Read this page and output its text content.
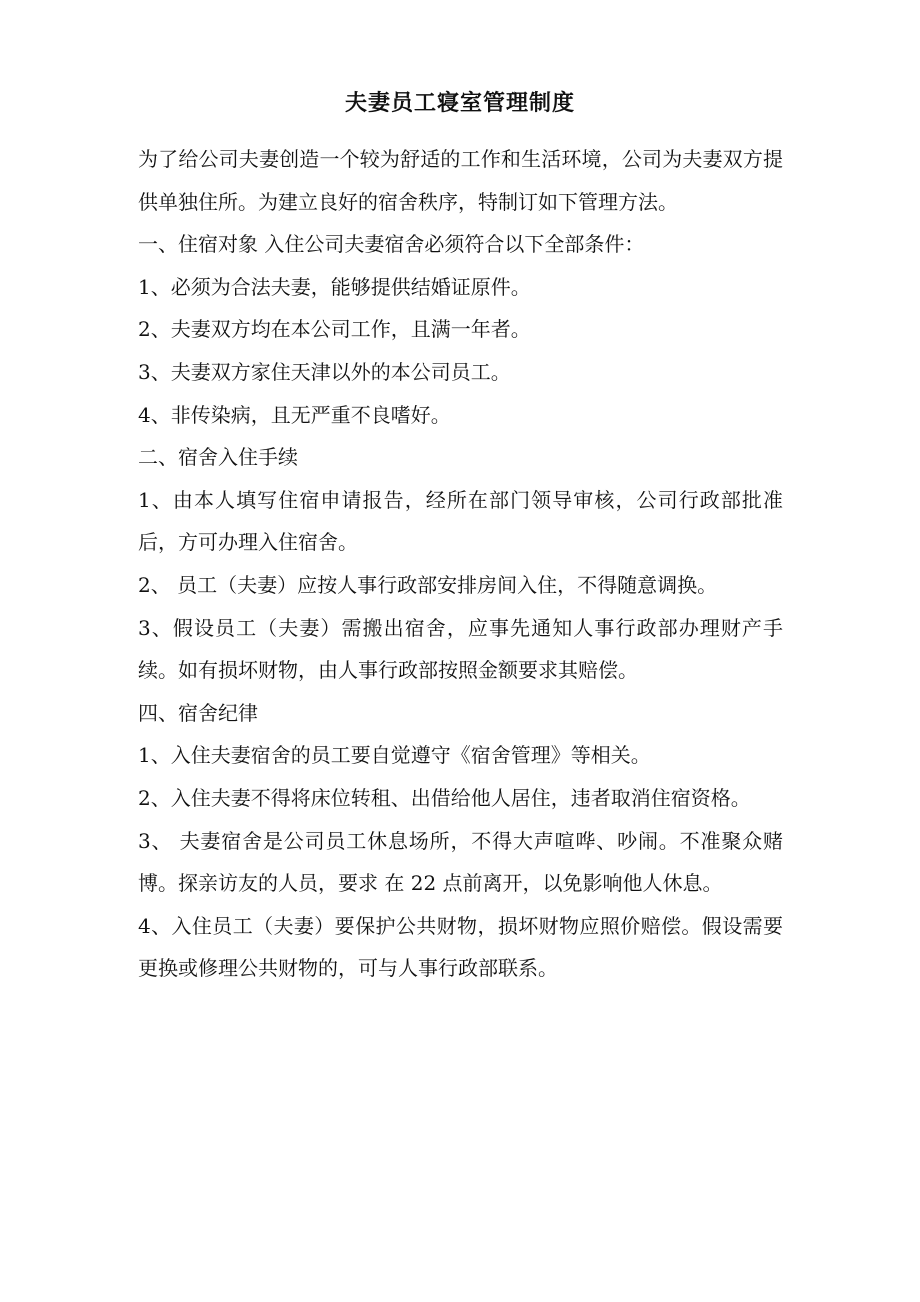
夫妻员工寝室管理制度

为了给公司夫妻创造一个较为舒适的工作和生活环境，公司为夫妻双方提供单独住所。为建立良好的宿舍秩序，特制订如下管理方法。

一、住宿对象 入住公司夫妻宿舍必须符合以下全部条件：

1、必须为合法夫妻，能够提供结婚证原件。

2、夫妻双方均在本公司工作，且满一年者。

3、夫妻双方家住天津以外的本公司员工。

4、非传染病，且无严重不良嗜好。

二、宿舍入住手续

1、由本人填写住宿申请报告，经所在部门领导审核，公司行政部批准后，方可办理入住宿舍。

2、 员工（夫妻）应按人事行政部安排房间入住，不得随意调换。

3、假设员工（夫妻）需搬出宿舍，应事先通知人事行政部办理财产手续。如有损坏财物，由人事行政部按照金额要求其赔偿。

四、宿舍纪律

1、入住夫妻宿舍的员工要自觉遵守《宿舍管理》等相关。

2、入住夫妻不得将床位转租、出借给他人居住，违者取消住宿资格。

3、 夫妻宿舍是公司员工休息场所，不得大声喧哗、吵闹。不准聚众赌博。探亲访友的人员，要求 在 22 点前离开，以免影响他人休息。

4、入住员工（夫妻）要保护公共财物，损坏财物应照价赔偿。假设需要更换或修理公共财物的，可与人事行政部联系。
